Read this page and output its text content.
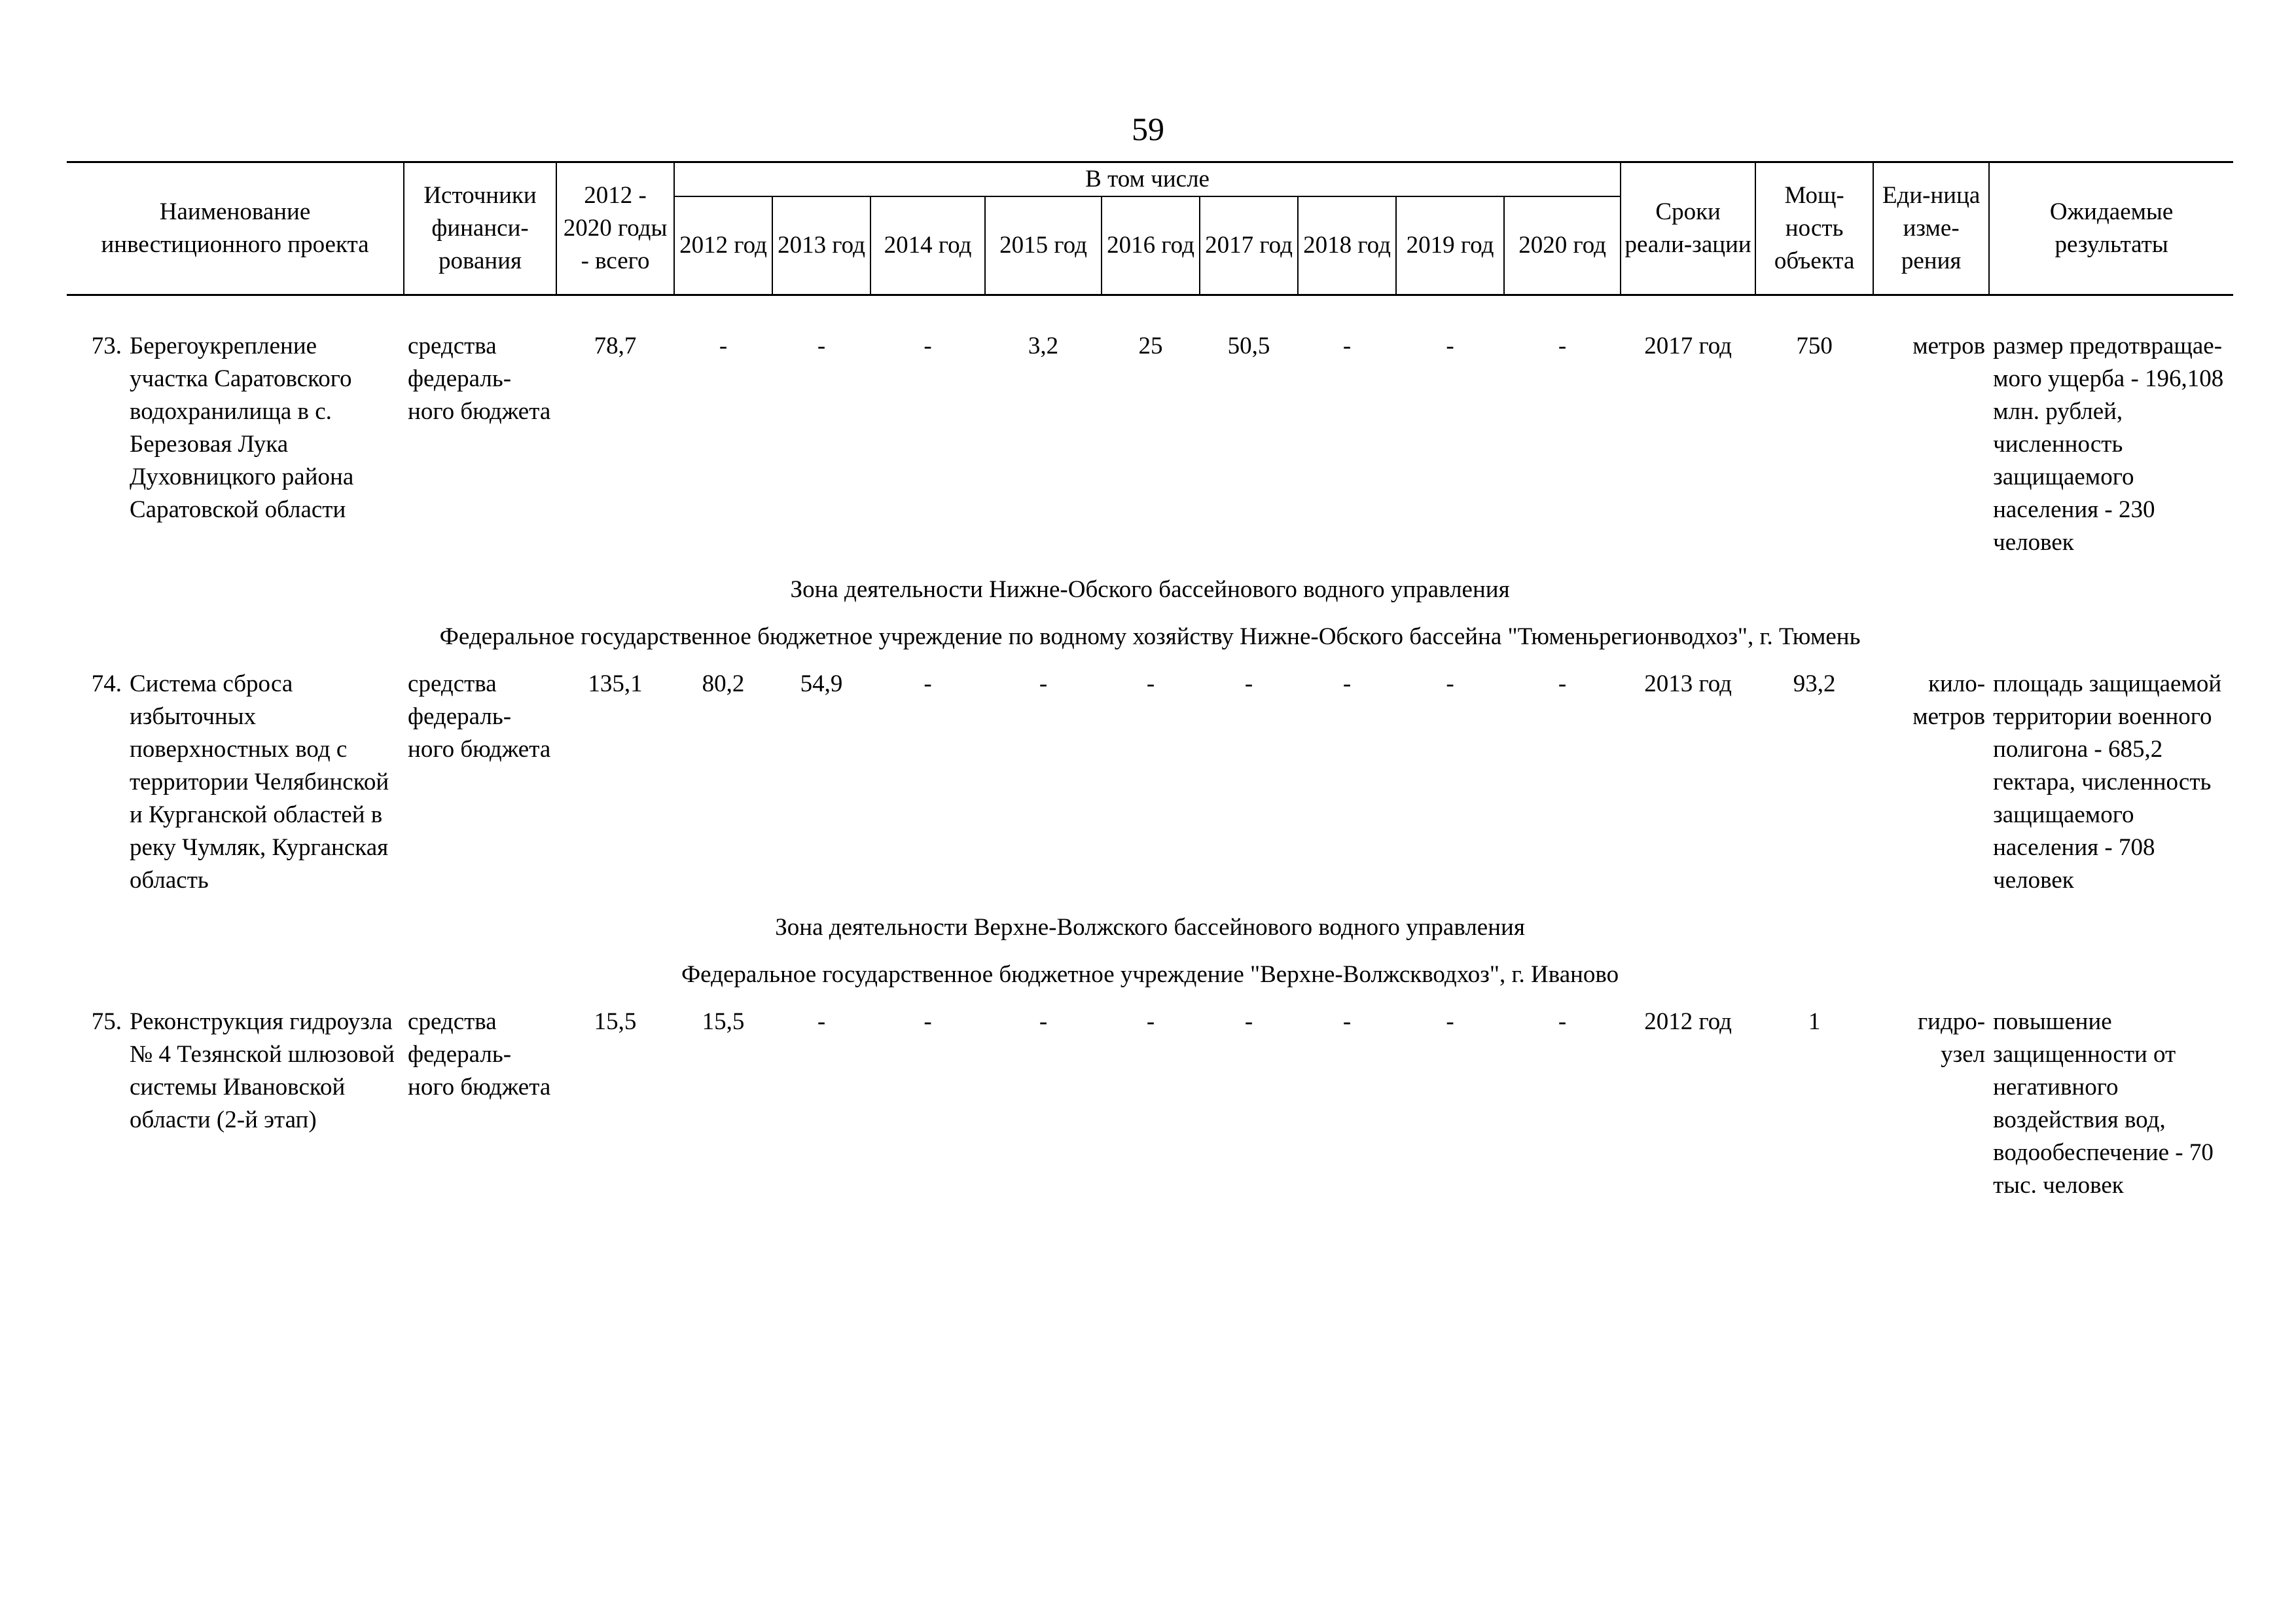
59
Наименование инвестиционного проекта		Источники финанси-рования	2012 - 2020 годы - всего	В том числе									Сроки реали-зации	Мощ-ность объекта	Еди-ница изме-рения	Ожидаемые результаты
				2012 год	2013 год	2014 год	2015 год	2016 год	2017 год	2018 год	2019 год	2020 год				

73.	Берегоукрепление участка Саратовского водохранилища в с. Березовая Лука Духовницкого района Саратовской области	средства федераль-ного бюджета	78,7	-	-	-	3,2	25	50,5	-	-	-	2017 год	750	метров	размер предотвращае-мого ущерба - 196,108 млн. рублей, численность защищаемого населения - 230 человек

Зона деятельности Нижне-Обского бассейнового водного управления																

Федеральное государственное бюджетное учреждение по водному хозяйству Нижне-Обского бассейна "Тюменьрегионводхоз", г. Тюмень																

74.	Система сброса избыточных поверхностных вод с территории Челябинской и Курганской областей в реку Чумляк, Курганская область	средства федераль-ного бюджета	135,1	80,2	54,9	-	-	-	-	-	-	-	2013 год	93,2	кило-метров	площадь защищаемой территории военного полигона - 685,2 гектара, численность защищаемого населения - 708 человек

Зона деятельности Верхне-Волжского бассейнового водного управления																

Федеральное государственное бюджетное учреждение "Верхне-Волжскводхоз", г. Иваново																

75.	Реконструкция гидроузла № 4 Тезянской шлюзовой системы Ивановской области (2-й этап)	средства федераль-ного бюджета	15,5	15,5	-	-	-	-	-	-	-	-	2012 год	1	гидро-узел	повышение защищенности от негативного воздействия вод, водообеспечение - 70 тыс. человек
